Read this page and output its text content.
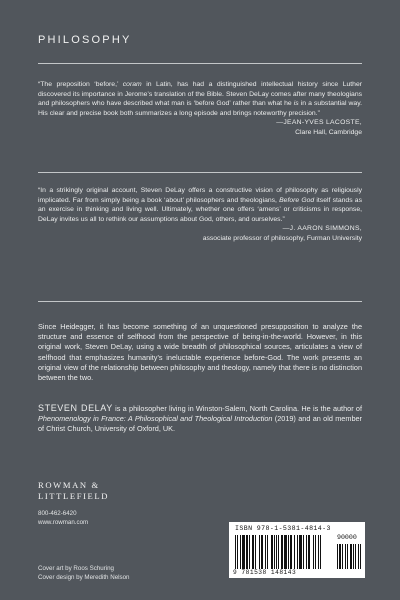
PHILOSOPHY
“The preposition ‘before,’ coram in Latin, has had a distinguished intellectual history since Luther discovered its importance in Jerome’s translation of the Bible. Steven DeLay comes after many theologians and philosophers who have described what man is ‘before God’ rather than what he is in a substantial way. His clear and precise book both summarizes a long episode and brings noteworthy precision.”
—JEAN-YVES LACOSTE,
Clare Hall, Cambridge
“In a strikingly original account, Steven DeLay offers a constructive vision of philosophy as religiously implicated. Far from simply being a book ‘about’ philosophers and theologians, Before God itself stands as an exercise in thinking and living well. Ultimately, whether one offers ‘amens’ or criticisms in response, DeLay invites us all to rethink our assumptions about God, others, and ourselves.”
—J. AARON SIMMONS,
associate professor of philosophy, Furman University
Since Heidegger, it has become something of an unquestioned presupposition to analyze the structure and essence of selfhood from the perspective of being-in-the-world. However, in this original work, Steven DeLay, using a wide breadth of philosophical sources, articulates a view of selfhood that emphasizes humanity’s ineluctable experience before-God. The work presents an original view of the relationship between philosophy and theology, namely that there is no distinction between the two.
STEVEN DELAY is a philosopher living in Winston-Salem, North Carolina. He is the author of Phenomenology in France: A Philosophical and Theological Introduction (2019) and an old member of Christ Church, University of Oxford, UK.
ROWMAN &
LITTLEFIELD
800-462-6420
www.rowman.com
Cover art by Roos Schuring
Cover design by Meredith Nelson
ISBN 978-1-5381-4814-3
90000
9 781538 148143
